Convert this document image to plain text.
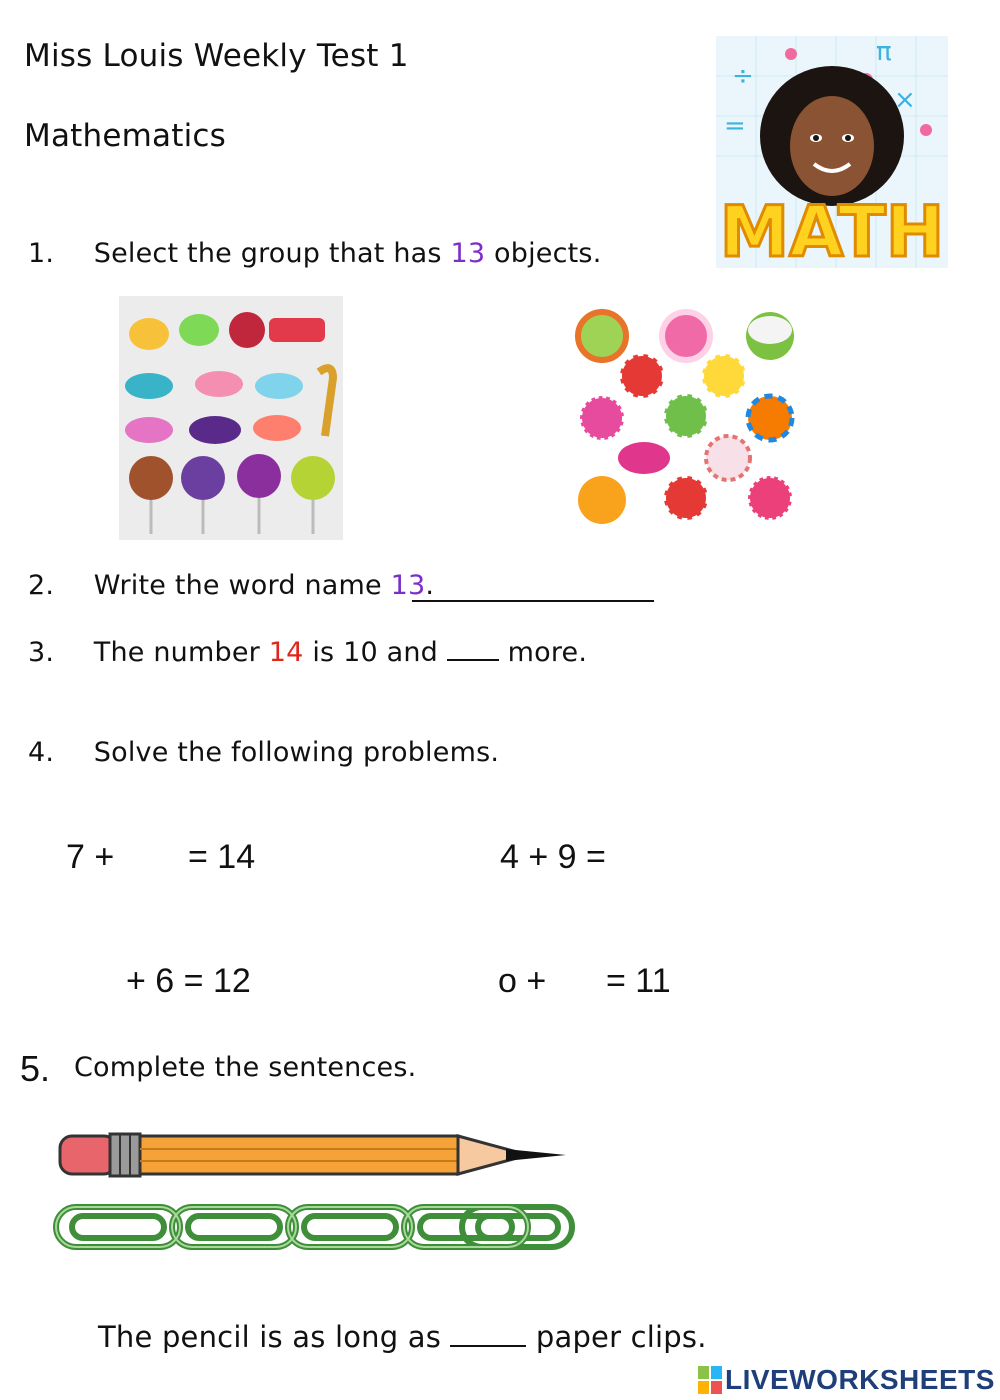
Miss Louis Weekly Test 1
Mathematics
π
×
÷
=
MATH
1. Select the group that has 13 objects.
2. Write the word name 13.
3. The number 14 is 10 and	more.
4. Solve the following problems.
7 + = 14	4 + 9 =
+ 6 = 12	o + = 11
5. Complete the sentences.
The pencil is as long as	paper clips.
LIVEWORKSHEETS
